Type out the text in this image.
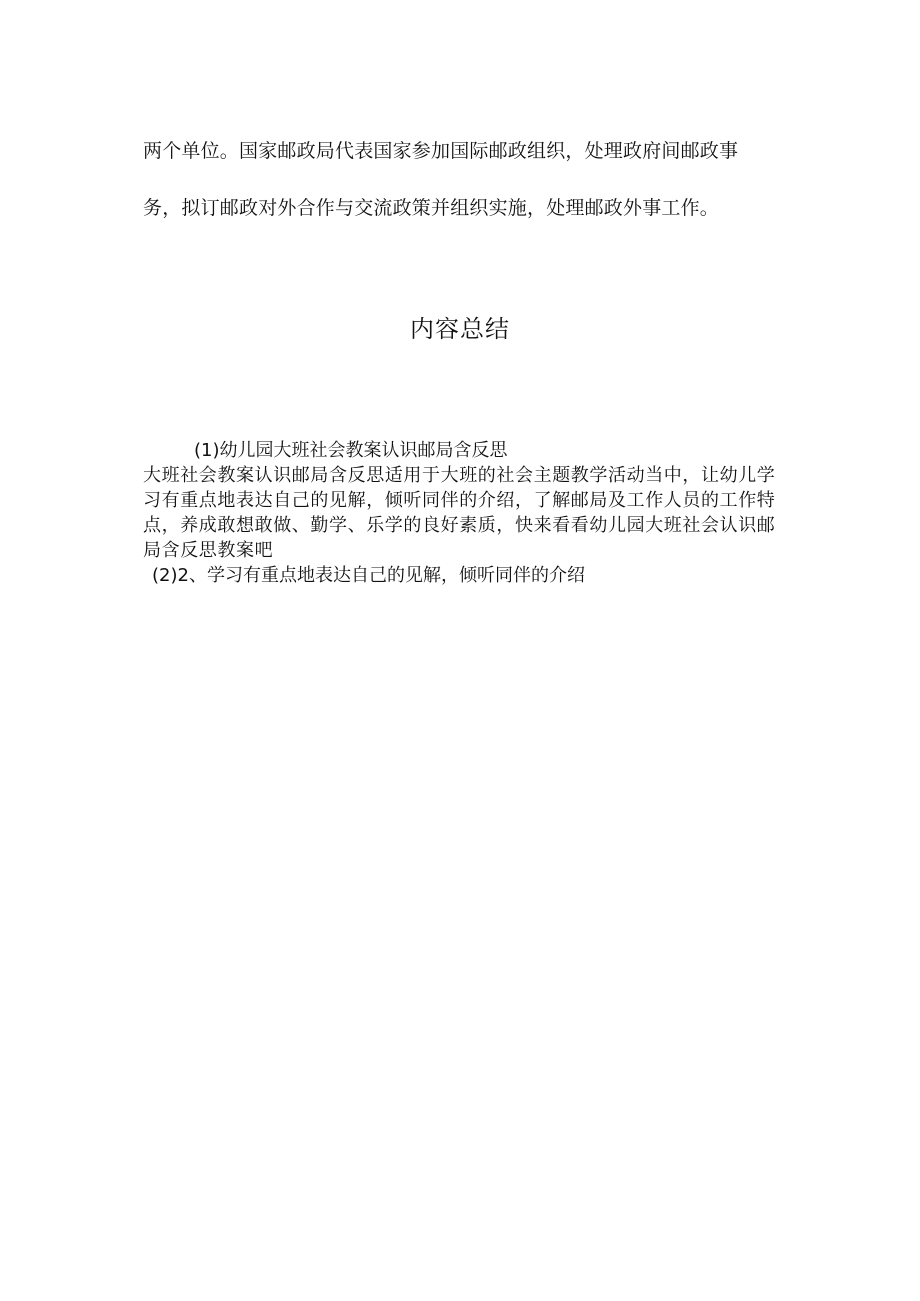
两个单位。国家邮政局代表国家参加国际邮政组织，处理政府间邮政事
务，拟订邮政对外合作与交流政策并组织实施，处理邮政外事工作。
内容总结
(1)幼儿园大班社会教案认识邮局含反思

大班社会教案认识邮局含反思适用于大班的社会主题教学活动当中，让幼儿学习有重点地表达自己的见解，倾听同伴的介绍，了解邮局及工作人员的工作特点，养成敢想敢做、勤学、乐学的良好素质，快来看看幼儿园大班社会认识邮局含反思教案吧

(2)2、学习有重点地表达自己的见解，倾听同伴的介绍
